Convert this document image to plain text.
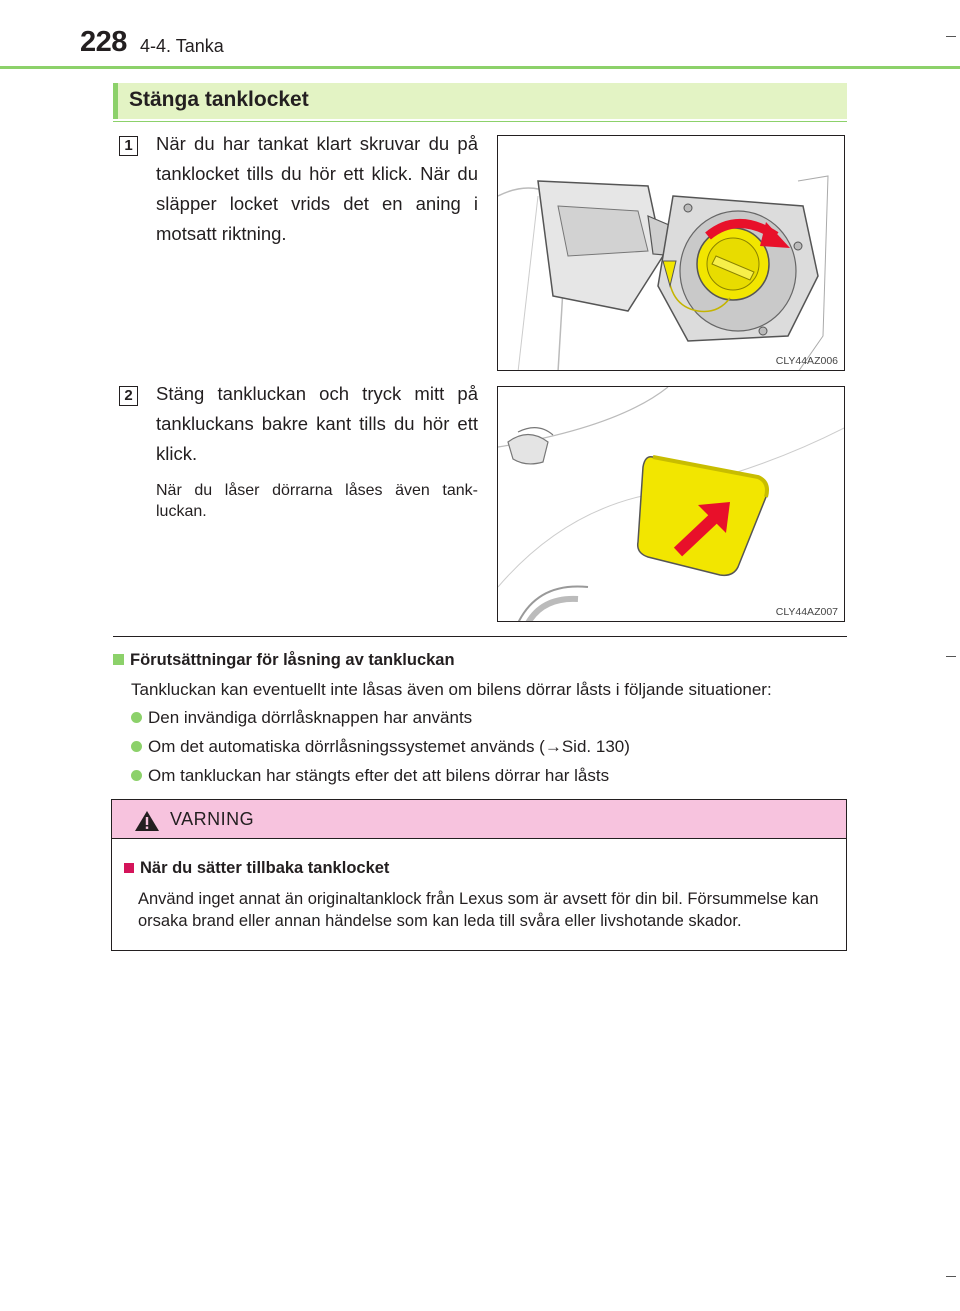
228 4-4. Tanka
Stänga tanklocket
1 När du har tankat klart skruvar du på tanklocket tills du hör ett klick. När du släpper locket vrids det en aning i motsatt riktning.
CLY44AZ006
2 Stäng tankluckan och tryck mitt på tankluckans bakre kant tills du hör ett klick.
När du låser dörrarna låses även tank-luckan.
CLY44AZ007
Förutsättningar för låsning av tankluckan
Tankluckan kan eventuellt inte låsas även om bilens dörrar låsts i följande situationer:
Den invändiga dörrlåsknappen har använts
Om det automatiska dörrlåsningssystemet används (→Sid. 130)
Om tankluckan har stängts efter det att bilens dörrar har låsts
VARNING
När du sätter tillbaka tanklocket
Använd inget annat än originaltanklock från Lexus som är avsett för din bil. Försummelse kan orsaka brand eller annan händelse som kan leda till svåra eller livshotande skador.
